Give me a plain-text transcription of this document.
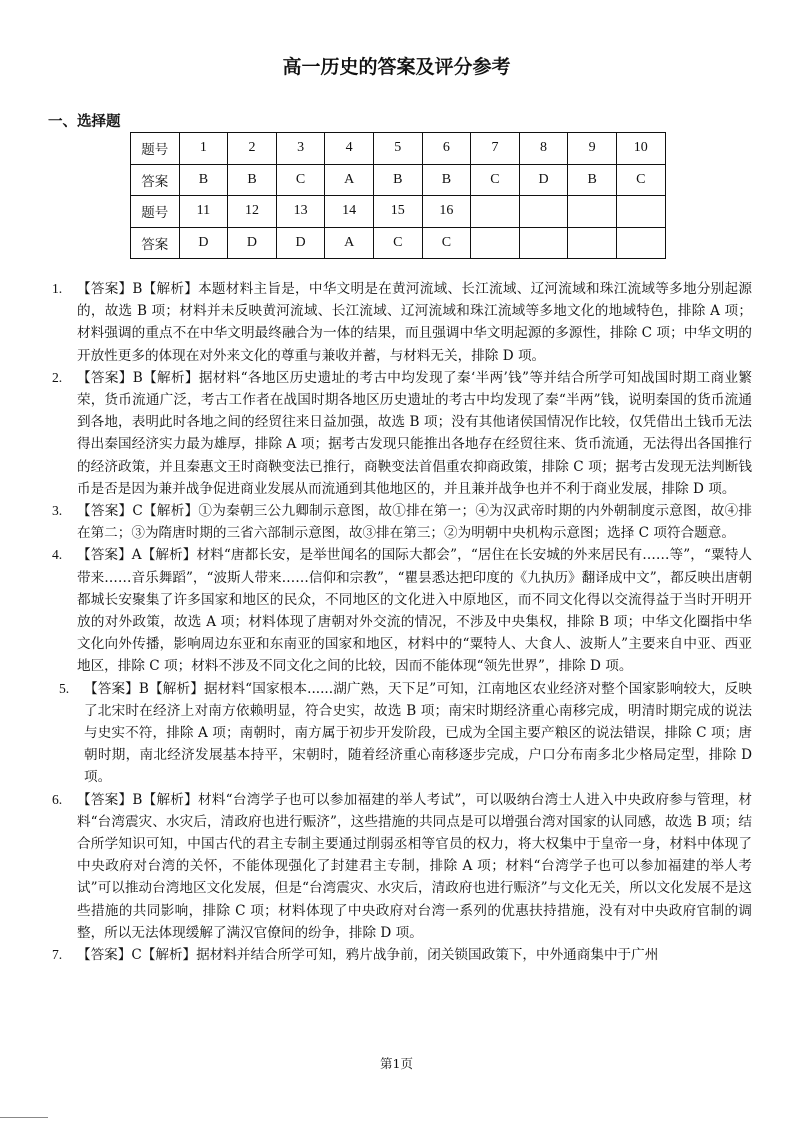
高一历史的答案及评分参考
一、选择题
题号	1	2	3	4	5	6	7	8	9	10
答案	B	B	C	A	B	B	C	D	B	C
题号	11	12	13	14	15	16				
答案	D	D	D	A	C	C				
1.	【答案】B【解析】本题材料主旨是，中华文明是在黄河流域、长江流域、辽河流域和珠江流域等多地分别起源的，故选 B 项；材料并未反映黄河流域、长江流域、辽河流域和珠江流域等多地文化的地域特色，排除 A 项；材料强调的重点不在中华文明最终融合为一体的结果，而且强调中华文明起源的多源性，排除 C 项；中华文明的开放性更多的体现在对外来文化的尊重与兼收并蓄，与材料无关，排除 D 项。
2.	【答案】B【解析】据材料“各地区历史遗址的考古中均发现了秦‘半两’钱”等并结合所学可知战国时期工商业繁荣，货币流通广泛，考古工作者在战国时期各地区历史遗址的考古中均发现了秦“半两”钱，说明秦国的货币流通到各地，表明此时各地之间的经贸往来日益加强，故选 B 项；没有其他诸侯国情况作比较，仅凭借出土钱币无法得出秦国经济实力最为雄厚，排除 A 项；据考古发现只能推出各地存在经贸往来、货币流通，无法得出各国推行的经济政策，并且秦惠文王时商鞅变法已推行，商鞅变法首倡重农抑商政策，排除 C 项；据考古发现无法判断钱币是否是因为兼并战争促进商业发展从而流通到其他地区的，并且兼并战争也并不利于商业发展，排除 D 项。
3.	【答案】C【解析】①为秦朝三公九卿制示意图，故①排在第一；④为汉武帝时期的内外朝制度示意图，故④排在第二；③为隋唐时期的三省六部制示意图，故③排在第三；②为明朝中央机构示意图；选择 C 项符合题意。
4.	【答案】A【解析】材料“唐都长安，是举世闻名的国际大都会”，“居住在长安城的外来居民有……等”，“粟特人带来……音乐舞蹈”，“波斯人带来……信仰和宗教”，“瞿昙悉达把印度的《九执历》翻译成中文”，都反映出唐朝都城长安聚集了许多国家和地区的民众，不同地区的文化进入中原地区，而不同文化得以交流得益于当时开明开放的对外政策，故选 A 项；材料体现了唐朝对外交流的情况，不涉及中央集权，排除 B 项；中华文化圈指中华文化向外传播，影响周边东亚和东南亚的国家和地区，材料中的“粟特人、大食人、波斯人”主要来自中亚、西亚地区，排除 C 项；材料不涉及不同文化之间的比较，因而不能体现“领先世界”，排除 D 项。
5.	【答案】B【解析】据材料“国家根本......湖广熟，天下足”可知，江南地区农业经济对整个国家影响较大，反映了北宋时在经济上对南方依赖明显，符合史实，故选 B 项；南宋时期经济重心南移完成，明清时期完成的说法与史实不符，排除 A 项；南朝时，南方属于初步开发阶段，已成为全国主要产粮区的说法错误，排除 C 项；唐朝时期，南北经济发展基本持平，宋朝时，随着经济重心南移逐步完成，户口分布南多北少格局定型，排除 D 项。
6.	【答案】B【解析】材料“台湾学子也可以参加福建的举人考试”，可以吸纳台湾士人进入中央政府参与管理，材料“台湾震灾、水灾后，清政府也进行赈济”，这些措施的共同点是可以增强台湾对国家的认同感，故选 B 项；结合所学知识可知，中国古代的君主专制主要通过削弱丞相等官员的权力，将大权集中于皇帝一身，材料中体现了中央政府对台湾的关怀，不能体现强化了封建君主专制，排除 A 项；材料“台湾学子也可以参加福建的举人考试”可以推动台湾地区文化发展，但是“台湾震灾、水灾后，清政府也进行赈济”与文化无关，所以文化发展不是这些措施的共同影响，排除 C 项；材料体现了中央政府对台湾一系列的优惠扶持措施，没有对中央政府官制的调整，所以无法体现缓解了满汉官僚间的纷争，排除 D 项。
7.	【答案】C【解析】据材料并结合所学可知，鸦片战争前，闭关锁国政策下，中外通商集中于广州
第1页
